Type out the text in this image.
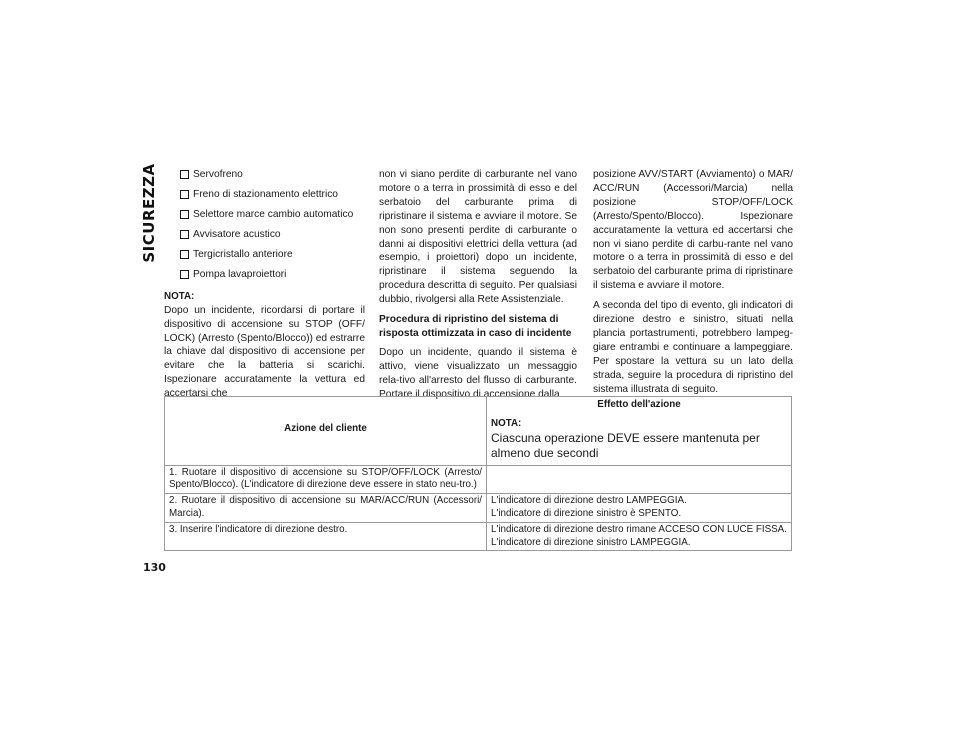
SICUREZZA	Servofreno
Freno di stazionamento elettrico
Selettore marce cambio automatico
Avvisatore acustico
Tergicristallo anteriore
Pompa lavaproiettori
NOTA:

Dopo un incidente, ricordarsi di portare il dispositivo di accensione su STOP (OFF/ LOCK) (Arresto (Spento/Blocco)) ed estrarre la chiave dal dispositivo di accensione per evitare che la batteria si scarichi. Ispezionare accuratamente la vettura ed accertarsi che

non vi siano perdite di carburante nel vano motore o a terra in prossimità di esso e del serbatoio del carburante prima di ripristinare il sistema e avviare il motore. Se non sono presenti perdite di carburante o danni ai dispositivi elettrici della vettura (ad esempio, i proiettori) dopo un incidente, ripristinare il sistema seguendo la procedura descritta di seguito. Per qualsiasi dubbio, rivolgersi alla Rete Assistenziale.

Procedura di ripristino del sistema di risposta ottimizzata in caso di incidente

Dopo un incidente, quando il sistema è attivo, viene visualizzato un messaggio rela-tivo all'arresto del flusso di carburante. Portare il dispositivo di accensione dalla

posizione AVV/START (Avviamento) o MAR/ ACC/RUN (Accessori/Marcia) nella posizione STOP/OFF/LOCK (Arresto/Spento/Blocco). Ispezionare accuratamente la vettura ed accertarsi che non vi siano perdite di carbu-rante nel vano motore o a terra in prossimità di esso e del serbatoio del carburante prima di ripristinare il sistema e avviare il motore.

A seconda del tipo di evento, gli indicatori di direzione destro e sinistro, situati nella plancia portastrumenti, potrebbero lampeg-giare entrambi e continuare a lampeggiare. Per spostare la vettura su un lato della strada, seguire la procedura di ripristino del sistema illustrata di seguito.

Azione del cliente	Effetto dell'azione
NOTA:
Ciascuna operazione DEVE essere mantenuta per almeno due secondi

1. Ruotare il dispositivo di accensione su STOP/OFF/LOCK (Arresto/ Spento/Blocco). (L'indicatore di direzione deve essere in stato neu-tro.)	

2. Ruotare il dispositivo di accensione su MAR/ACC/RUN (Accessori/ Marcia).	L'indicatore di direzione destro LAMPEGGIA.
L'indicatore di direzione sinistro è SPENTO.

3. Inserire l'indicatore di direzione destro.	L'indicatore di direzione destro rimane ACCESO CON LUCE FISSA.
L'indicatore di direzione sinistro LAMPEGGIA.
130
